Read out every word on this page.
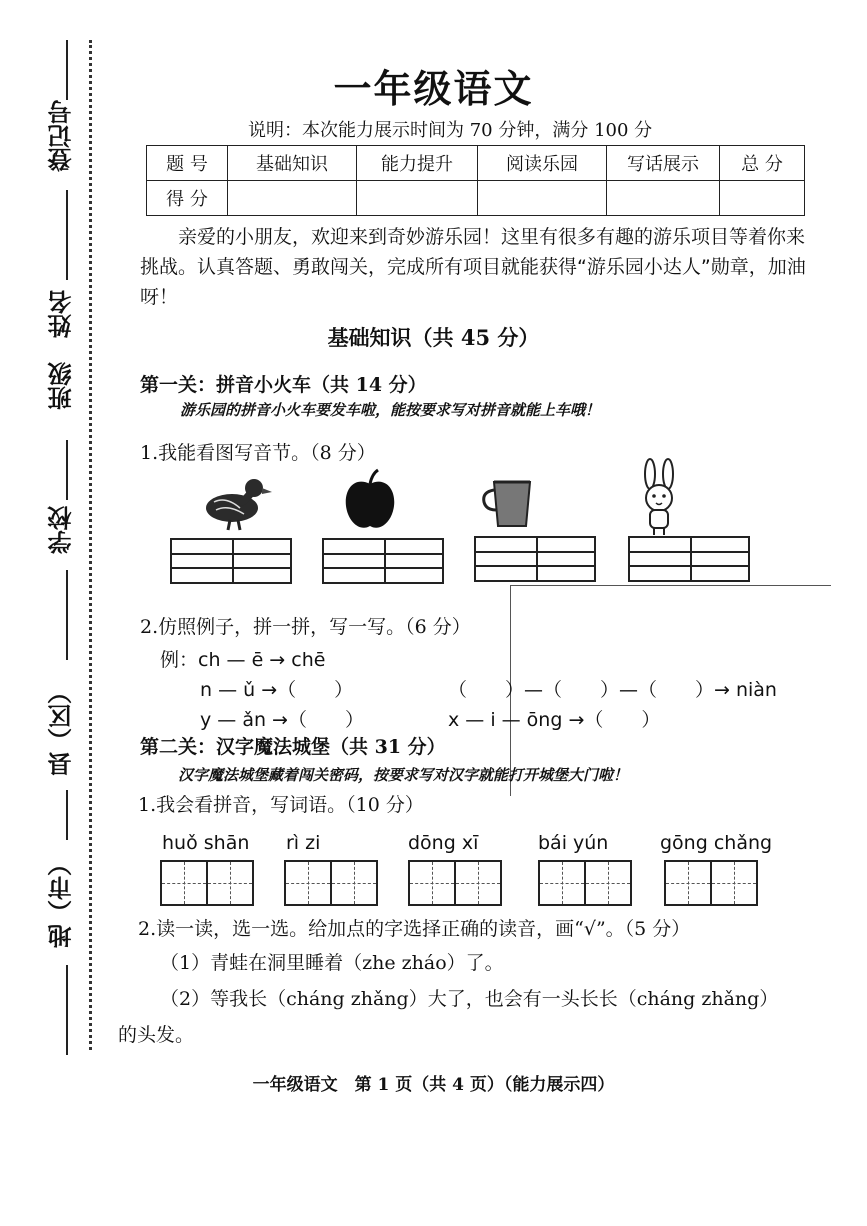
登记号
姓名
班级
学校
县（区）
地（市）
一年级语文
说明：本次能力展示时间为 70 分钟，满分 100 分
题 号	基础知识	能力提升	阅读乐园	写话展示	总 分
得 分					
亲爱的小朋友，欢迎来到奇妙游乐园！这里有很多有趣的游乐项目等着你来挑战。认真答题、勇敢闯关，完成所有项目就能获得“游乐园小达人”勋章，加油呀！
基础知识（共 45 分）
第一关：拼音小火车（共 14 分）
游乐园的拼音小火车要发车啦，能按要求写对拼音就能上车哦！
1.我能看图写音节。（8 分）
2.仿照例子，拼一拼，写一写。（6 分）
例：ch — ē → chē
n — ǔ →（　　）	（　　）—（　　）—（　　）→ niàn
y — ǎn →（　　）	x — i — ōng →（　　）
第二关：汉字魔法城堡（共 31 分）
汉字魔法城堡藏着闯关密码，按要求写对汉字就能打开城堡大门啦！
1.我会看拼音，写词语。（10 分）
huǒ shān rì zi	dōng xī	bái yún	gōng chǎng
2.读一读，选一选。给加点的字选择正确的读音，画“√”。（5 分）
（1）青蛙在洞里睡着（zhe zháo）了。
（2）等我长（cháng zhǎng）大了，也会有一头长长（cháng zhǎng）
的头发。
一年级语文　第 1 页（共 4 页）（能力展示四）
